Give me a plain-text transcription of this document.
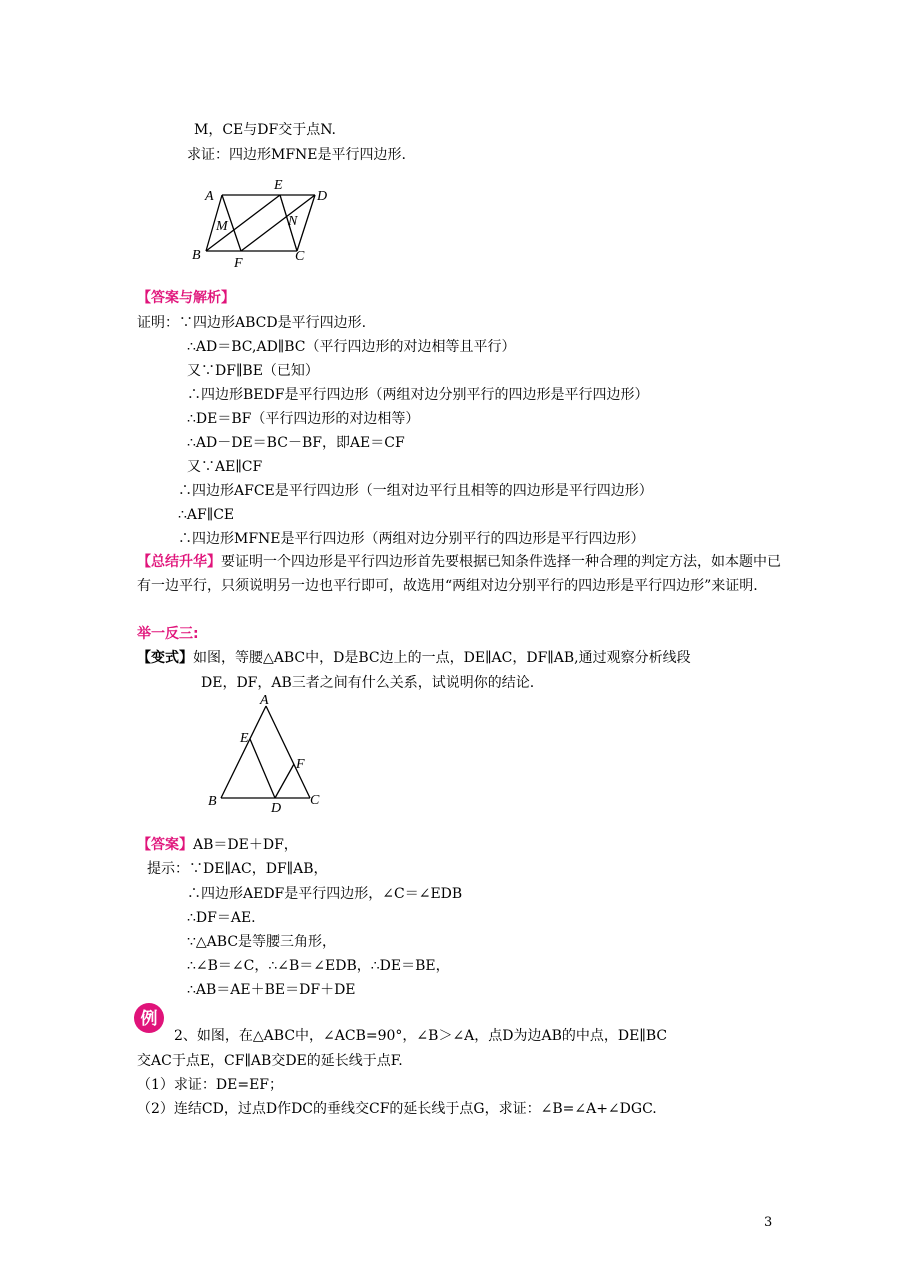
M，CE与DF交于点N.
求证：四边形MFNE是平行四边形.
A
E
D
M	N
B
F	C
【答案与解析】
证明：∵四边形ABCD是平行四边形.
∴AD＝BC,AD∥BC（平行四边形的对边相等且平行）
又∵DF∥BE（已知）
∴四边形BEDF是平行四边形（两组对边分别平行的四边形是平行四边形）
∴DE＝BF（平行四边形的对边相等）
∴AD－DE＝BC－BF，即AE＝CF
又∵AE∥CF
∴四边形AFCE是平行四边形（一组对边平行且相等的四边形是平行四边形）
∴AF∥CE
∴四边形MFNE是平行四边形（两组对边分别平行的四边形是平行四边形）
【总结升华】要证明一个四边形是平行四边形首先要根据已知条件选择一种合理的判定方法，如本题中已有一边平行，只须说明另一边也平行即可，故选用“两组对边分别平行的四边形是平行四边形”来证明.
举一反三:
【变式】如图，等腰△ABC中，D是BC边上的一点，DE∥AC，DF∥AB,通过观察分析线段
DE，DF，AB三者之间有什么关系，试说明你的结论.
A
E
F
B	D
C
【答案】AB＝DE＋DF，
提示：∵DE∥AC，DF∥AB，
∴四边形AEDF是平行四边形，∠C＝∠EDB
∴DF＝AE.
∵△ABC是等腰三角形，
∴∠B＝∠C，∴∠B＝∠EDB，∴DE＝BE，
∴AB＝AE＋BE＝DF＋DE
例
2、如图，在△ABC中，∠ACB=90°，∠B＞∠A，点D为边AB的中点，DE∥BC
交AC于点E，CF∥AB交DE的延长线于点F.
（1）求证：DE=EF；
（2）连结CD，过点D作DC的垂线交CF的延长线于点G，求证：∠B=∠A+∠DGC.
3
